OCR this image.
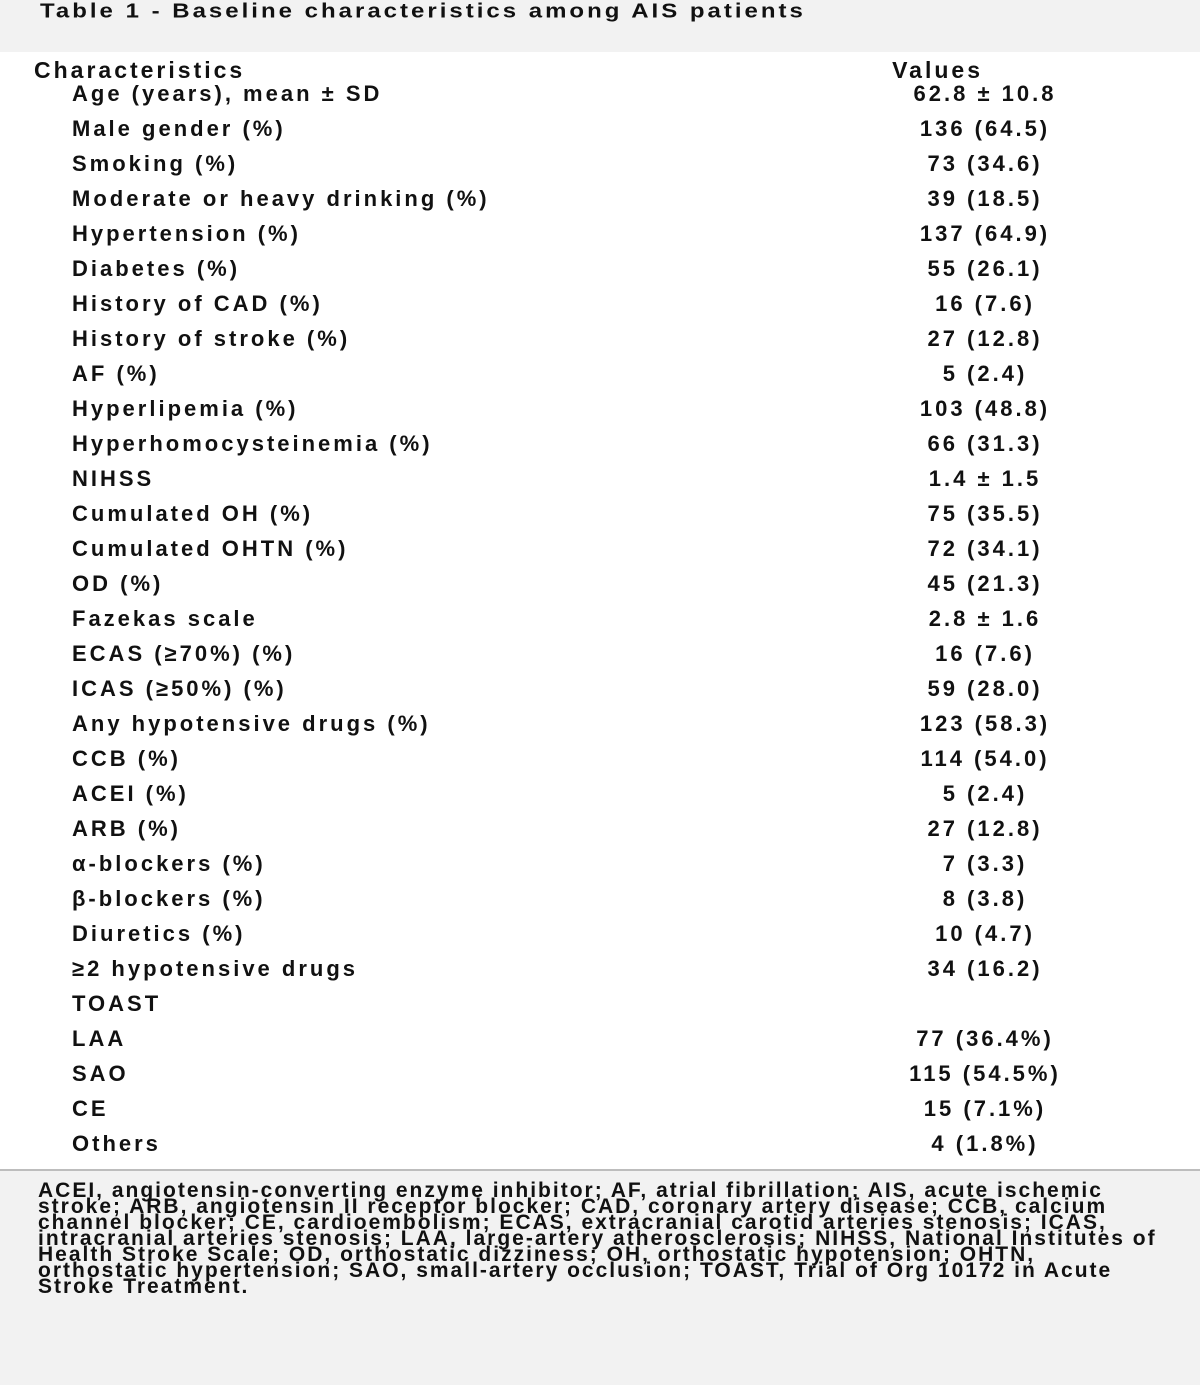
Table 1 - Baseline characteristics among AIS patients
Characteristics	Values
Age (years), mean ± SD	62.8 ± 10.8
Male gender (%)	136 (64.5)
Smoking (%)	73 (34.6)
Moderate or heavy drinking (%)	39 (18.5)
Hypertension (%)	137 (64.9)
Diabetes (%)	55 (26.1)
History of CAD (%)	16 (7.6)
History of stroke (%)	27 (12.8)
AF (%)	5 (2.4)
Hyperlipemia (%)	103 (48.8)
Hyperhomocysteinemia (%)	66 (31.3)
NIHSS	1.4 ± 1.5
Cumulated OH (%)	75 (35.5)
Cumulated OHTN (%)	72 (34.1)
OD (%)	45 (21.3)
Fazekas scale	2.8 ± 1.6
ECAS (≥70%) (%)	16 (7.6)
ICAS (≥50%) (%)	59 (28.0)
Any hypotensive drugs (%)	123 (58.3)
CCB (%)	114 (54.0)
ACEI (%)	5 (2.4)
ARB (%)	27 (12.8)
α-blockers (%)	7 (3.3)
β-blockers (%)	8 (3.8)
Diuretics (%)	10 (4.7)
≥2 hypotensive drugs	34 (16.2)
TOAST
LAA	77 (36.4%)
SAO	115 (54.5%)
CE	15 (7.1%)
Others	4 (1.8%)
ACEI, angiotensin-converting enzyme inhibitor; AF, atrial fibrillation; AIS, acute ischemic stroke; ARB, angiotensin II receptor blocker; CAD, coronary artery disease; CCB, calcium channel blocker; CE, cardioembolism; ECAS, extracranial carotid arteries stenosis; ICAS, intracranial arteries stenosis; LAA, large-artery atherosclerosis; NIHSS, National Institutes of Health Stroke Scale; OD, orthostatic dizziness; OH, orthostatic hypotension; OHTN, orthostatic hypertension; SAO, small-artery occlusion; TOAST, Trial of Org 10172 in Acute Stroke Treatment.
